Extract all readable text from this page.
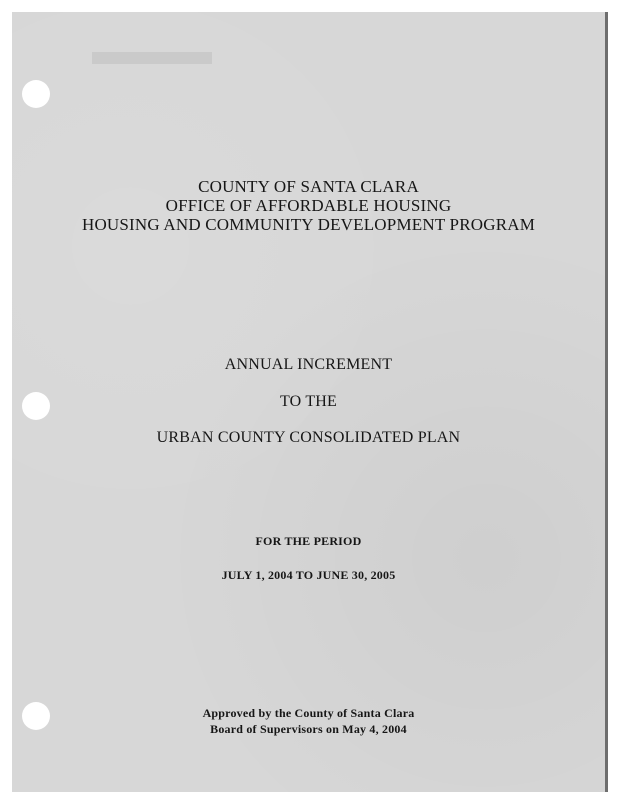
COUNTY OF SANTA CLARA
OFFICE OF AFFORDABLE HOUSING
HOUSING AND COMMUNITY DEVELOPMENT PROGRAM
ANNUAL INCREMENT
TO THE
URBAN COUNTY CONSOLIDATED PLAN
FOR THE PERIOD
JULY 1, 2004 TO JUNE 30, 2005
Approved by the County of Santa Clara
Board of Supervisors on May 4, 2004
